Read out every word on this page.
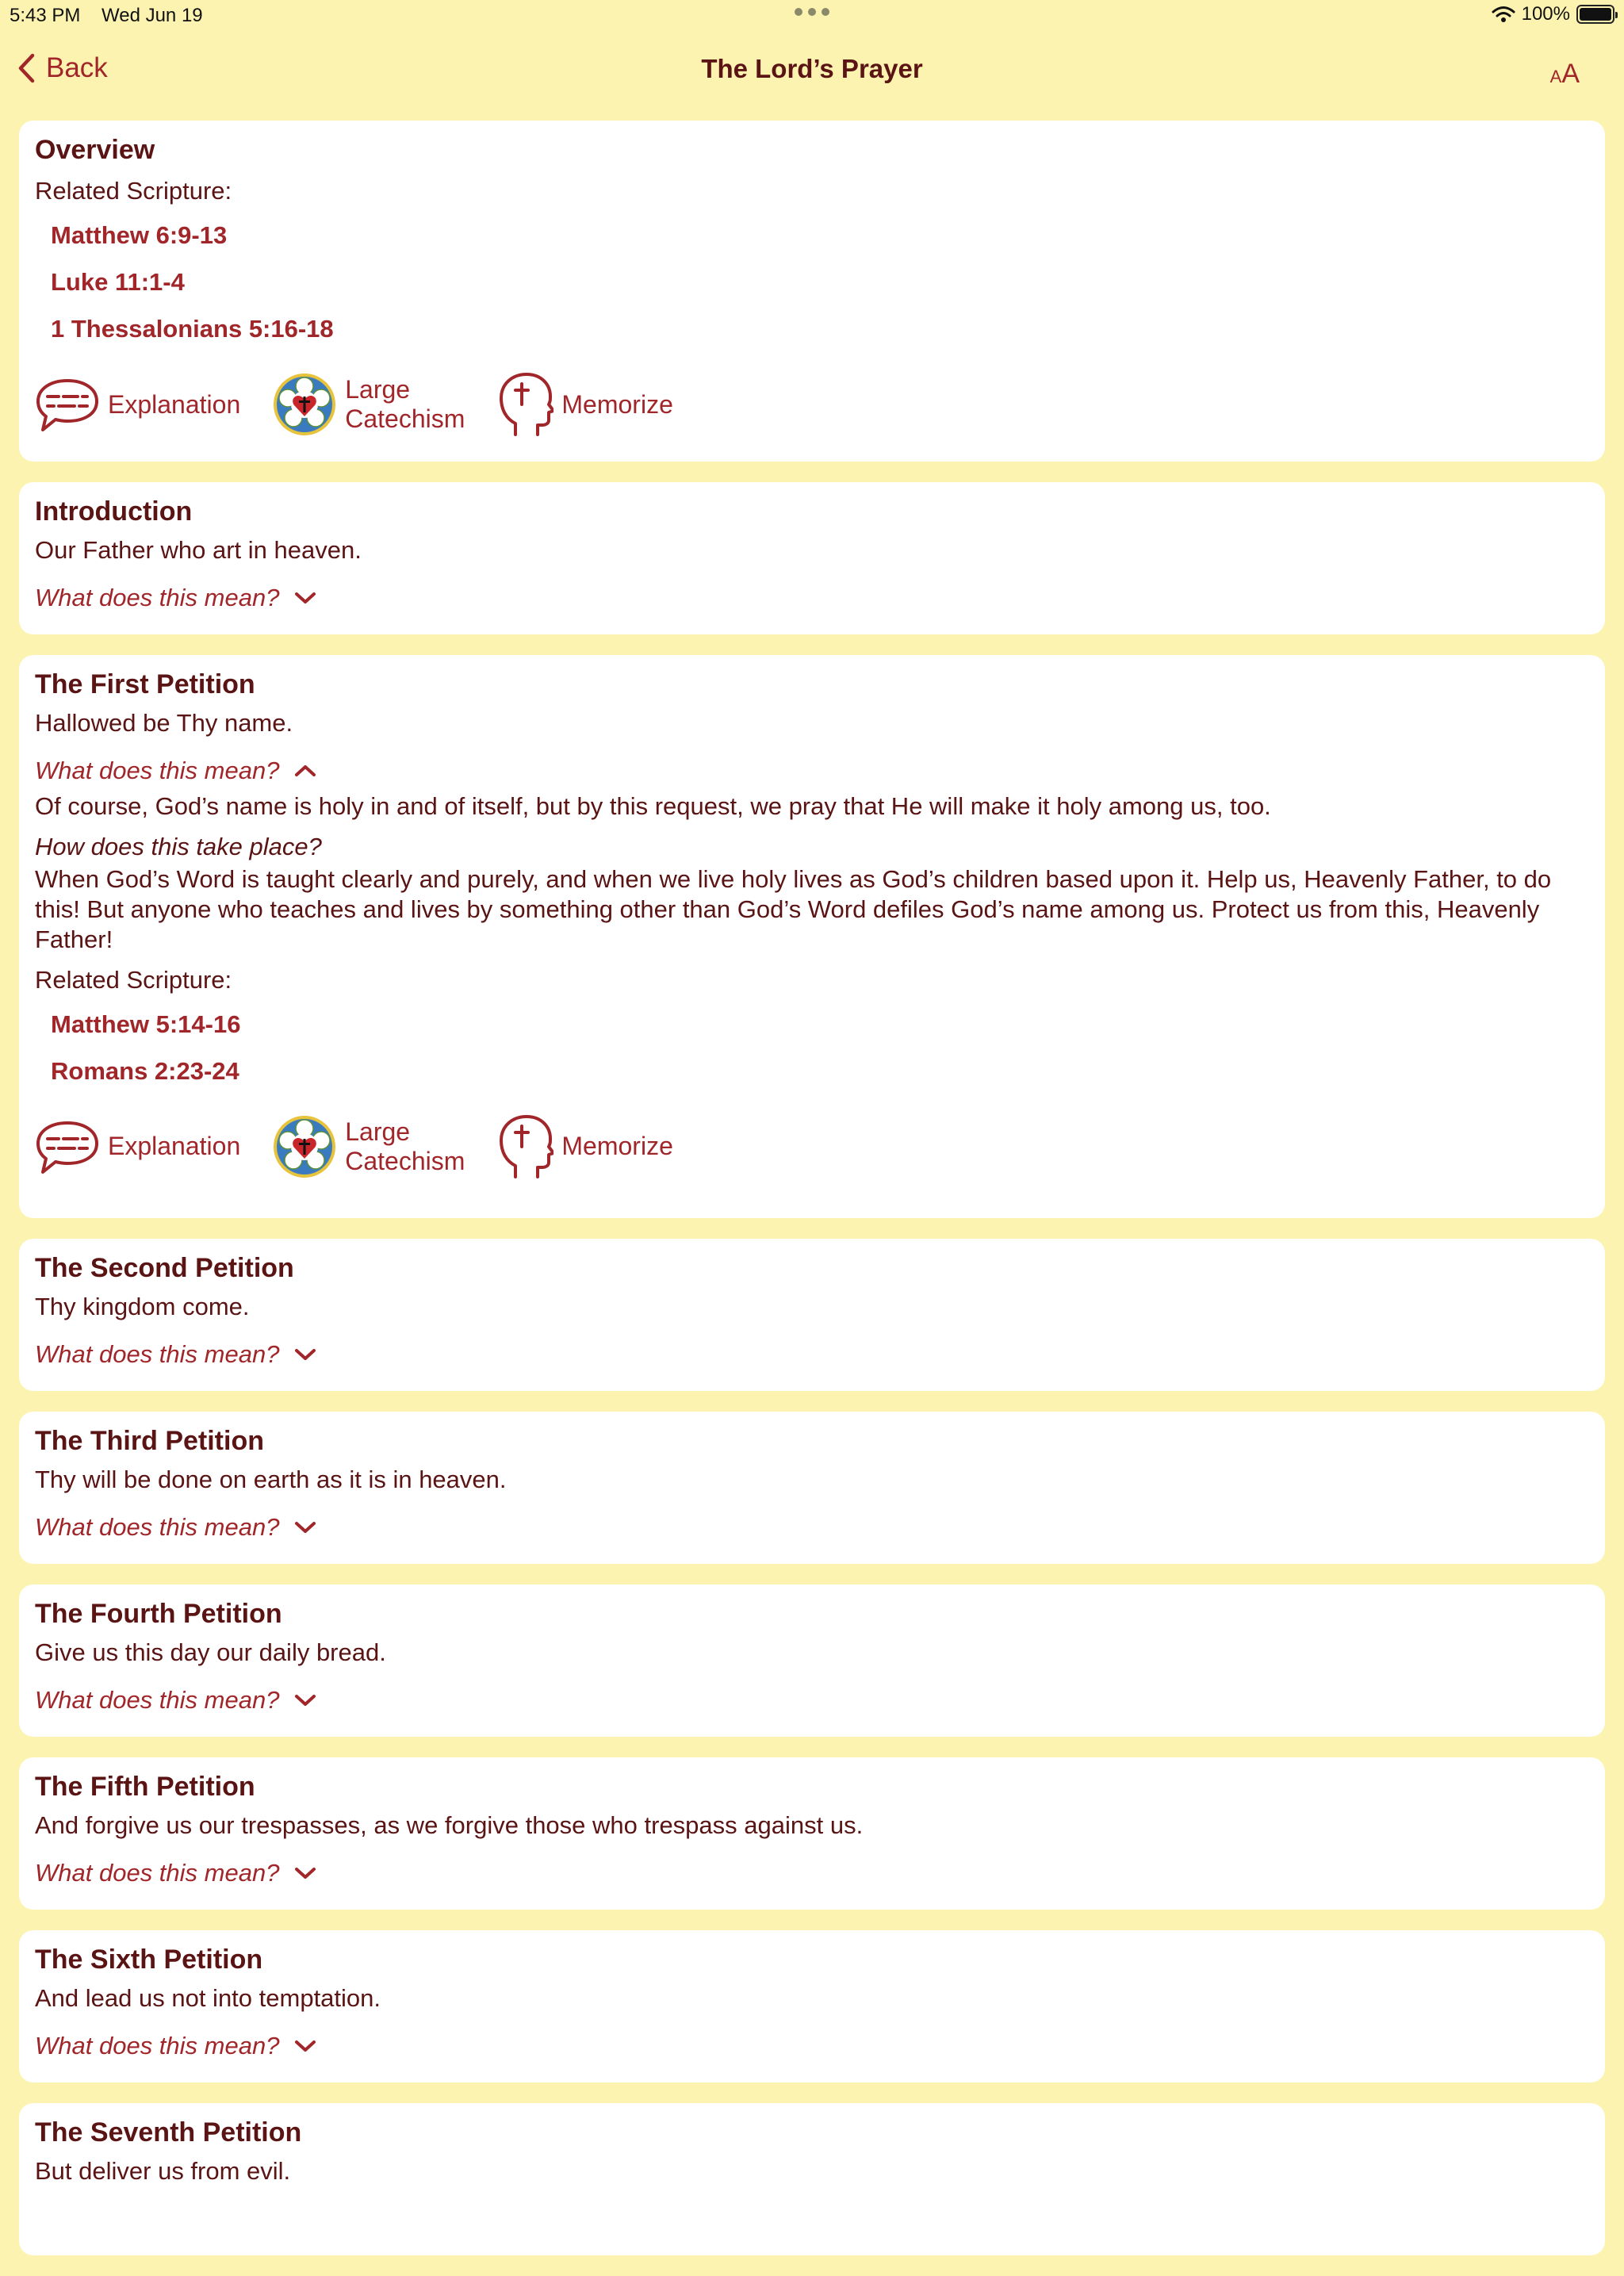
5:43 PM Wed Jun 19	100%
Back	The Lord’s Prayer	A A
Overview
Related Scripture:
Matthew 6:9-13
Luke 11:1-4
1 Thessalonians 5:16-18
Explanation
Large
Catechism
Memorize
Introduction
Our Father who art in heaven.
What does this mean?
The First Petition
Hallowed be Thy name.
What does this mean?
Of course, God’s name is holy in and of itself, but by this request, we pray that He will make it holy among us, too.
How does this take place?
When God’s Word is taught clearly and purely, and when we live holy lives as God’s children based upon it. Help us, Heavenly Father, to do this! But anyone who teaches and lives by something other than God’s Word defiles God’s name among us. Protect us from this, Heavenly Father!
Related Scripture:
Matthew 5:14-16
Romans 2:23-24
Explanation
Large
Catechism
Memorize
The Second Petition
Thy kingdom come.
What does this mean?
The Third Petition
Thy will be done on earth as it is in heaven.
What does this mean?
The Fourth Petition
Give us this day our daily bread.
What does this mean?
The Fifth Petition
And forgive us our trespasses, as we forgive those who trespass against us.
What does this mean?
The Sixth Petition
And lead us not into temptation.
What does this mean?
The Seventh Petition
But deliver us from evil.
